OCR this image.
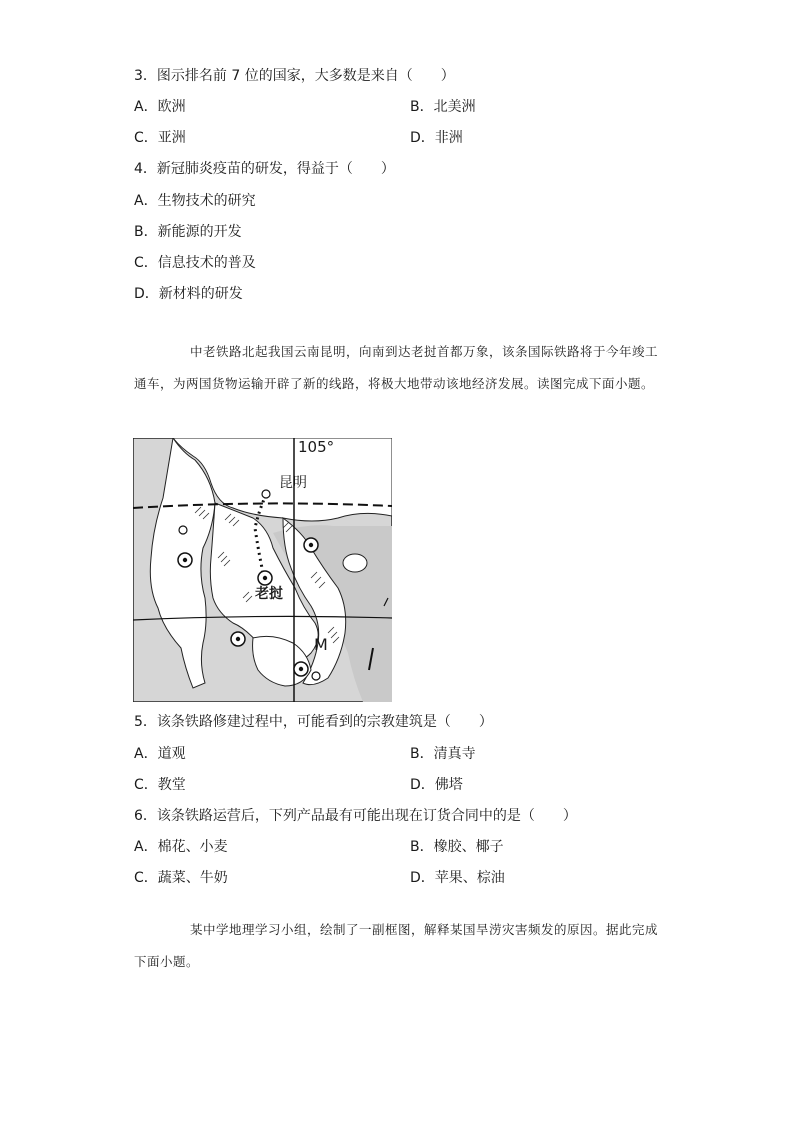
3．图示排名前 7 位的国家，大多数是来自（　　）
A．欧洲	B．北美洲
C．亚洲	D．非洲
4．新冠肺炎疫苗的研发，得益于（　　）
A．生物技术的研究
B．新能源的开发
C．信息技术的普及
D．新材料的研发
中老铁路北起我国云南昆明，向南到达老挝首都万象，该条国际铁路将于今年竣工通车，为两国货物运输开辟了新的线路，将极大地带动该地经济发展。读图完成下面小题。
105°
昆明
老挝
M
5．该条铁路修建过程中，可能看到的宗教建筑是（　　）
A．道观	B．清真寺
C．教堂	D．佛塔
6．该条铁路运营后，下列产品最有可能出现在订货合同中的是（　　）
A．棉花、小麦	B．橡胶、椰子
C．蔬菜、牛奶	D．苹果、棕油
某中学地理学习小组，绘制了一副框图，解释某国旱涝灾害频发的原因。据此完成下面小题。
